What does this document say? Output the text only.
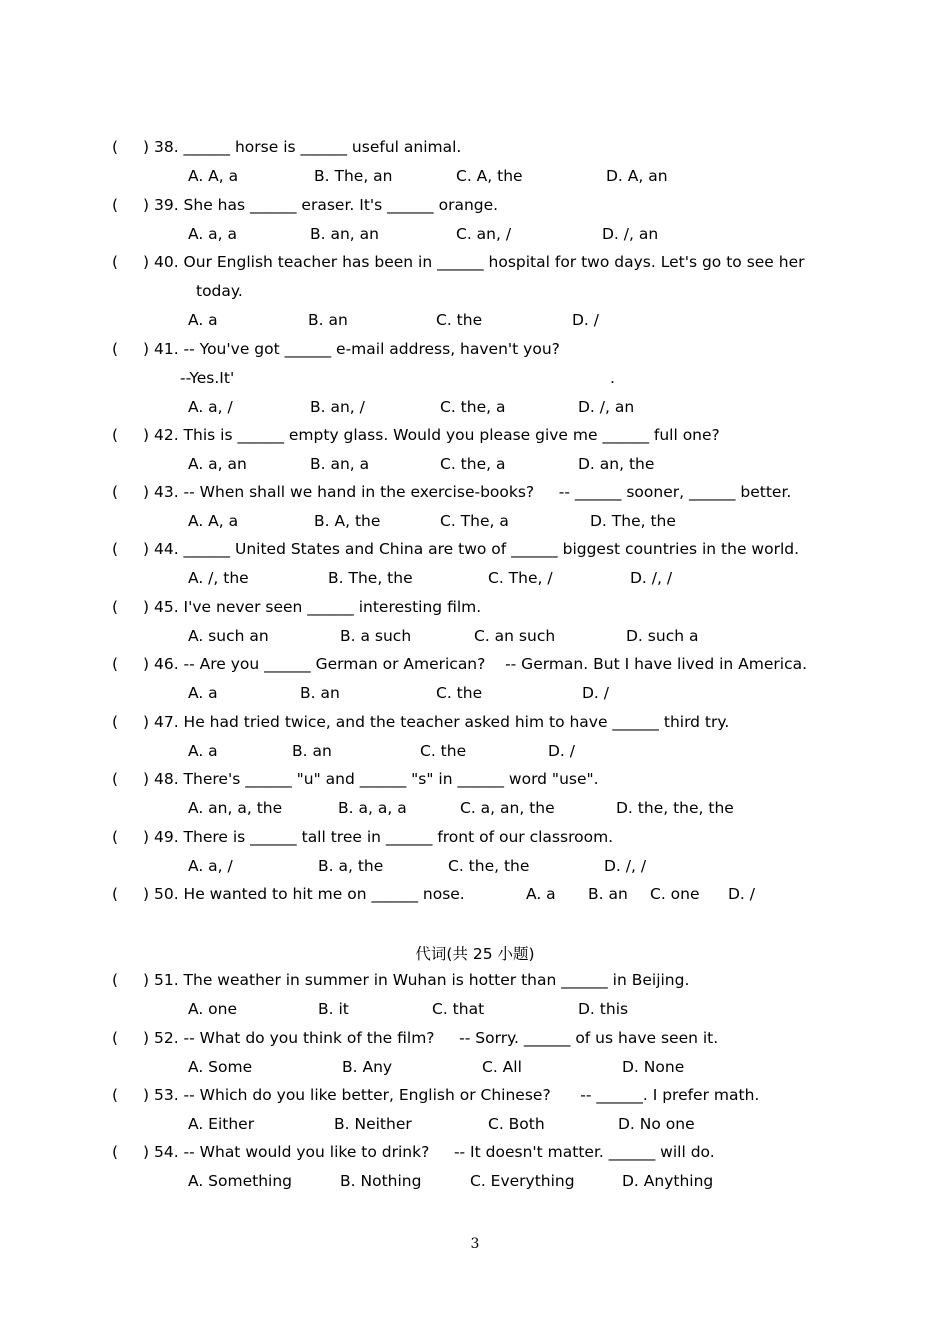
(	) 38. ______ horse is ______ useful animal.
A. A, a	B. The, an	C. A, the	D. A, an
(	) 39. She has ______ eraser. It's ______ orange.
A. a, a	B. an, an	C. an, /	D. /, an
(	) 40. Our English teacher has been in ______ hospital for two days. Let's go to see her
today.
A. a	B. an	C. the	D. /
(	) 41. -- You've got ______ e-mail address, haven't you?
--Yes.It'	.
A. a, /	B. an, /	C. the, a	D. /, an
(	) 42. This is ______ empty glass. Would you please give me ______ full one?
A. a, an	B. an, a	C. the, a	D. an, the
(	) 43. -- When shall we hand in the exercise-books?     -- ______ sooner, ______ better.
A. A, a	B. A, the	C. The, a	D. The, the
(	) 44. ______ United States and China are two of ______ biggest countries in the world.
A. /, the	B. The, the	C. The, /	D. /, /
(	) 45. I've never seen ______ interesting film.
A. such an	B. a such	C. an such	D. such a
(	) 46. -- Are you ______ German or American?    -- German. But I have lived in America.
A. a	B. an	C. the	D. /
(	) 47. He had tried twice, and the teacher asked him to have ______ third try.
A. a	B. an	C. the	D. /
(	) 48. There's ______ "u" and ______ "s" in ______ word "use".
A. an, a, the	B. a, a, a	C. a, an, the	D. the, the, the
(	) 49. There is ______ tall tree in ______ front of our classroom.
A. a, /	B. a, the	C. the, the	D. /, /
(	) 50. He wanted to hit me on ______ nose.	A. a B. an C. one D. /
代词(共 25 小题)
(	) 51. The weather in summer in Wuhan is hotter than ______ in Beijing.
A. one	B. it	C. that	D. this
(	) 52. -- What do you think of the film?     -- Sorry. ______ of us have seen it.
A. Some	B. Any	C. All	D. None
(	) 53. -- Which do you like better, English or Chinese?      -- ______. I prefer math.
A. Either	B. Neither	C. Both	D. No one
(	) 54. -- What would you like to drink?     -- It doesn't matter. ______ will do.
A. Something	B. Nothing	C. Everything	D. Anything
3
